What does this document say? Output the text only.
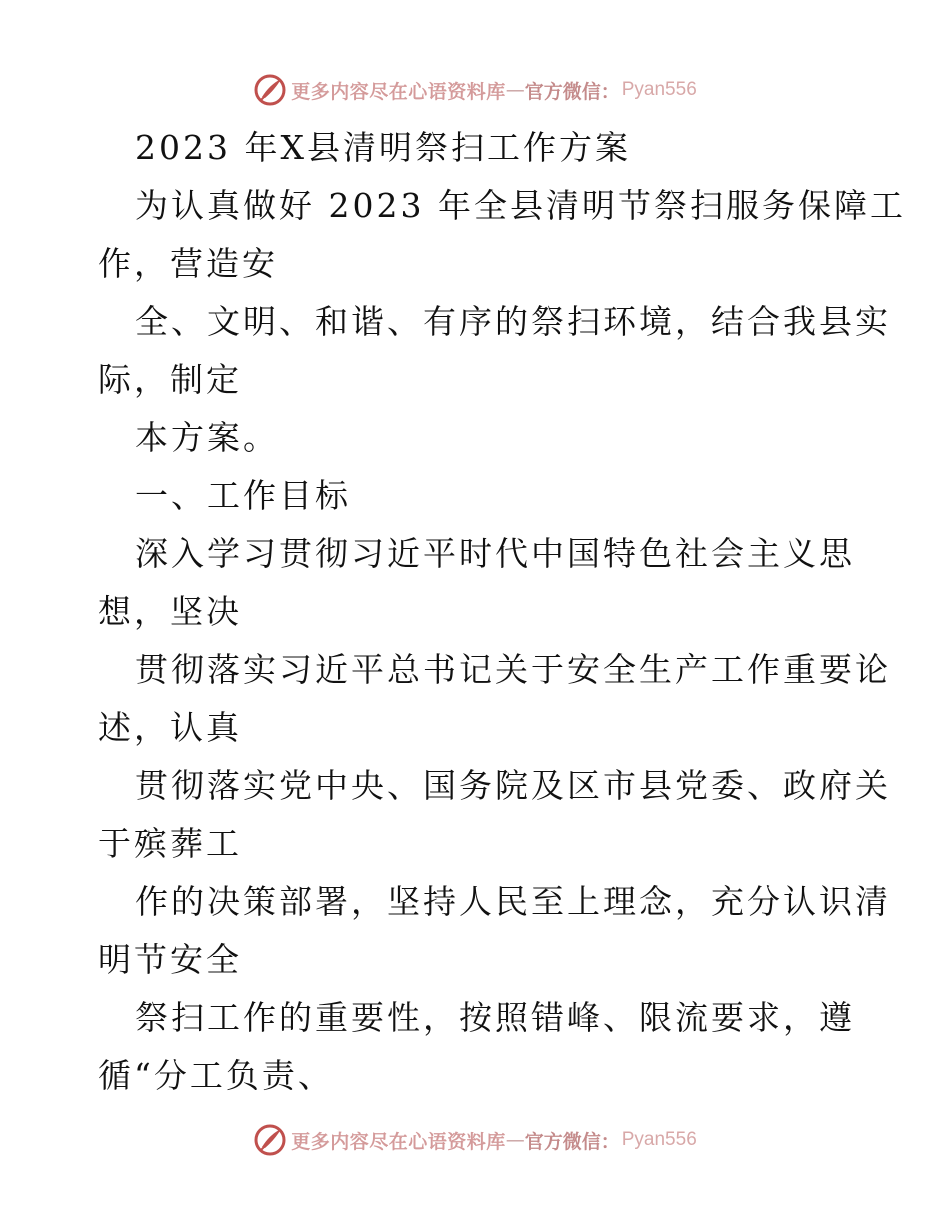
更多内容尽在心语资料库 — 官方微信： Pyan556
2023 年X县清明祭扫工作方案
为认真做好 2023 年全县清明节祭扫服务保障工
作，营造安
全、文明、和谐、有序的祭扫环境，结合我县实
际，制定
本方案。
一、工作目标
深入学习贯彻习近平时代中国特色社会主义思
想，坚决
贯彻落实习近平总书记关于安全生产工作重要论
述，认真
贯彻落实党中央、国务院及区市县党委、政府关
于殡葬工
作的决策部署，坚持人民至上理念，充分认识清
明节安全
祭扫工作的重要性，按照错峰、限流要求，遵
循“分工负责、
更多内容尽在心语资料库 — 官方微信： Pyan556
